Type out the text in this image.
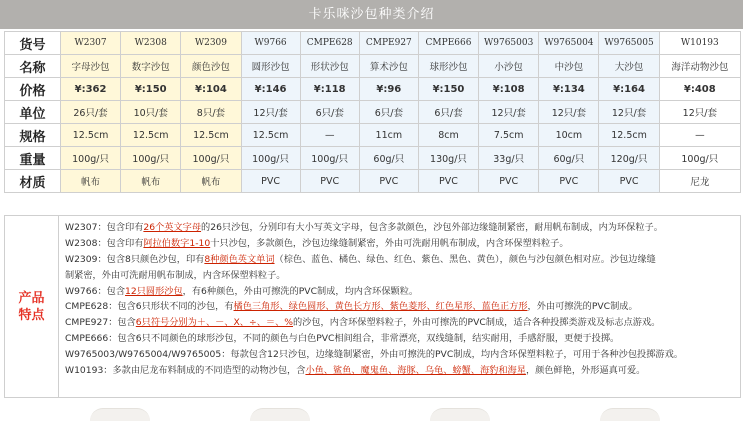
卡乐咪沙包种类介绍
货号	W2307	W2308	W2309	W9766	CMPE628	CMPE927	CMPE666	W9765003	W9765004	W9765005	W10193
名称	字母沙包	数字沙包	颜色沙包	圆形沙包	形状沙包	算术沙包	球形沙包	小沙包	中沙包	大沙包	海洋动物沙包
价格	¥:362	¥:150	¥:104	¥:146	¥:118	¥:96	¥:150	¥:108	¥:134	¥:164	¥:408
单位	26只/套	10只/套	8只/套	12只/套	6只/套	6只/套	6只/套	12只/套	12只/套	12只/套	12只/套
规格	12.5cm	12.5cm	12.5cm	12.5cm	—	11cm	8cm	7.5cm	10cm	12.5cm	—
重量	100g/只	100g/只	100g/只	100g/只	100g/只	60g/只	130g/只	33g/只	60g/只	120g/只	100g/只
材质	帆布	帆布	帆布	PVC	PVC	PVC	PVC	PVC	PVC	PVC	尼龙
产品特点
W2307：包含印有26个英文字母的26只沙包，分别印有大小写英文字母，包含多款颜色，沙包外部边缘缝制紧密，耐用帆布制成，内为环保粒子。
W2308：包含印有阿拉伯数字1-10十只沙包，多款颜色，沙包边缘缝制紧密，外由可洗耐用帆布制成，内含环保塑料粒子。
W2309：包含8只颜色沙包，印有8种颜色英文单词（棕色、蓝色、橘色、绿色、红色、紫色、黑色、黄色），颜色与沙包颜色相对应。沙包边缘缝
制紧密，外由可洗耐用帆布制成，内含环保塑料粒子。
W9766：包含12只圆形沙包，有6种颜色，外由可擦洗的PVC制成，均内含环保颗粒。
CMPE628：包含6只形状不同的沙包，有橘色三角形、绿色圆形、黄色长方形、紫色菱形、红色星形、蓝色正方形，外由可擦洗的PVC制成。
CMPE927：包含6只符号分别为＋、－、X、÷、＝、%的沙包，内含环保塑料粒子，外由可擦洗的PVC制成，适合各种投掷类游戏及标志点游戏。
CMPE666：包含6只不同颜色的球形沙包，不同的颜色与白色PVC相间组合，非常漂亮，双线缝制，结实耐用，手感舒服，更便于投掷。
W9765003/W9765004/W9765005：每款包含12只沙包，边缘缝制紧密，外由可擦洗的PVC制成，均内含环保塑料粒子，可用于各种沙包投掷游戏。
W10193：多款由尼龙布料制成的不同造型的动物沙包，含小鱼、鲨鱼、魔鬼鱼、海豚、乌龟、螃蟹、海豹和海星，颜色鲜艳，外形逼真可爱。
